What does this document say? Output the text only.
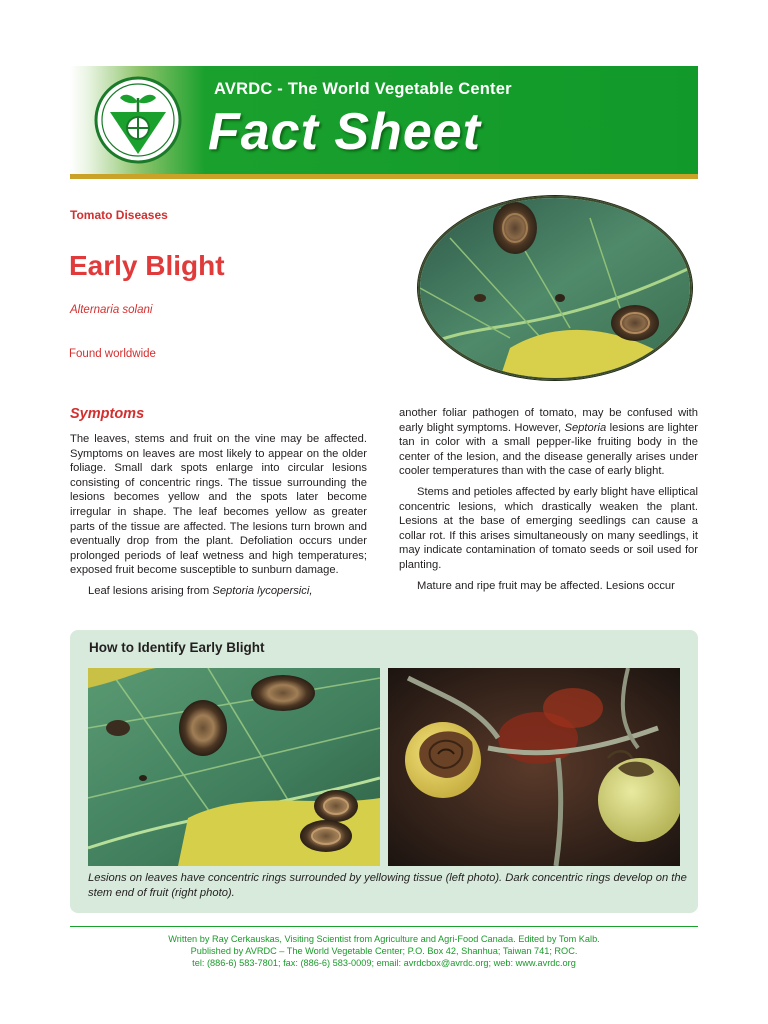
AVRDC - The World Vegetable Center
Fact Sheet
Tomato Diseases
Early Blight
Alternaria solani
Found worldwide
Symptoms

The leaves, stems and fruit on the vine may be affected. Symptoms on leaves are most likely to appear on the older foliage. Small dark spots enlarge into circular lesions consisting of concentric rings. The tissue surrounding the lesions becomes yellow and the spots later become irregular in shape. The leaf becomes yellow as greater parts of the tissue are affected. The lesions turn brown and eventually drop from the plant. Defoliation occurs under prolonged periods of leaf wetness and high temperatures; exposed fruit become susceptible to sunburn damage.

Leaf lesions arising from Septoria lycopersici,

another foliar pathogen of tomato, may be confused with early blight symptoms. However, Septoria lesions are lighter tan in color with a small pepper-like fruiting body in the center of the lesion, and the disease generally arises under cooler temperatures than with the case of early blight.

Stems and petioles affected by early blight have elliptical concentric lesions, which drastically weaken the plant. Lesions at the base of emerging seedlings can cause a collar rot. If this arises simultaneously on many seedlings, it may indicate contamination of tomato seeds or soil used for planting.

Mature and ripe fruit may be affected. Lesions occur

How to Identify Early Blight
Lesions on leaves have concentric rings surrounded by yellowing tissue (left photo). Dark concentric rings develop on the stem end of fruit (right photo).
Written by Ray Cerkauskas, Visiting Scientist from Agriculture and Agri-Food Canada. Edited by Tom Kalb.
Published by AVRDC – The World Vegetable Center; P.O. Box 42, Shanhua; Taiwan 741; ROC.
tel: (886-6) 583-7801; fax: (886-6) 583-0009; email: avrdcbox@avrdc.org; web: www.avrdc.org
